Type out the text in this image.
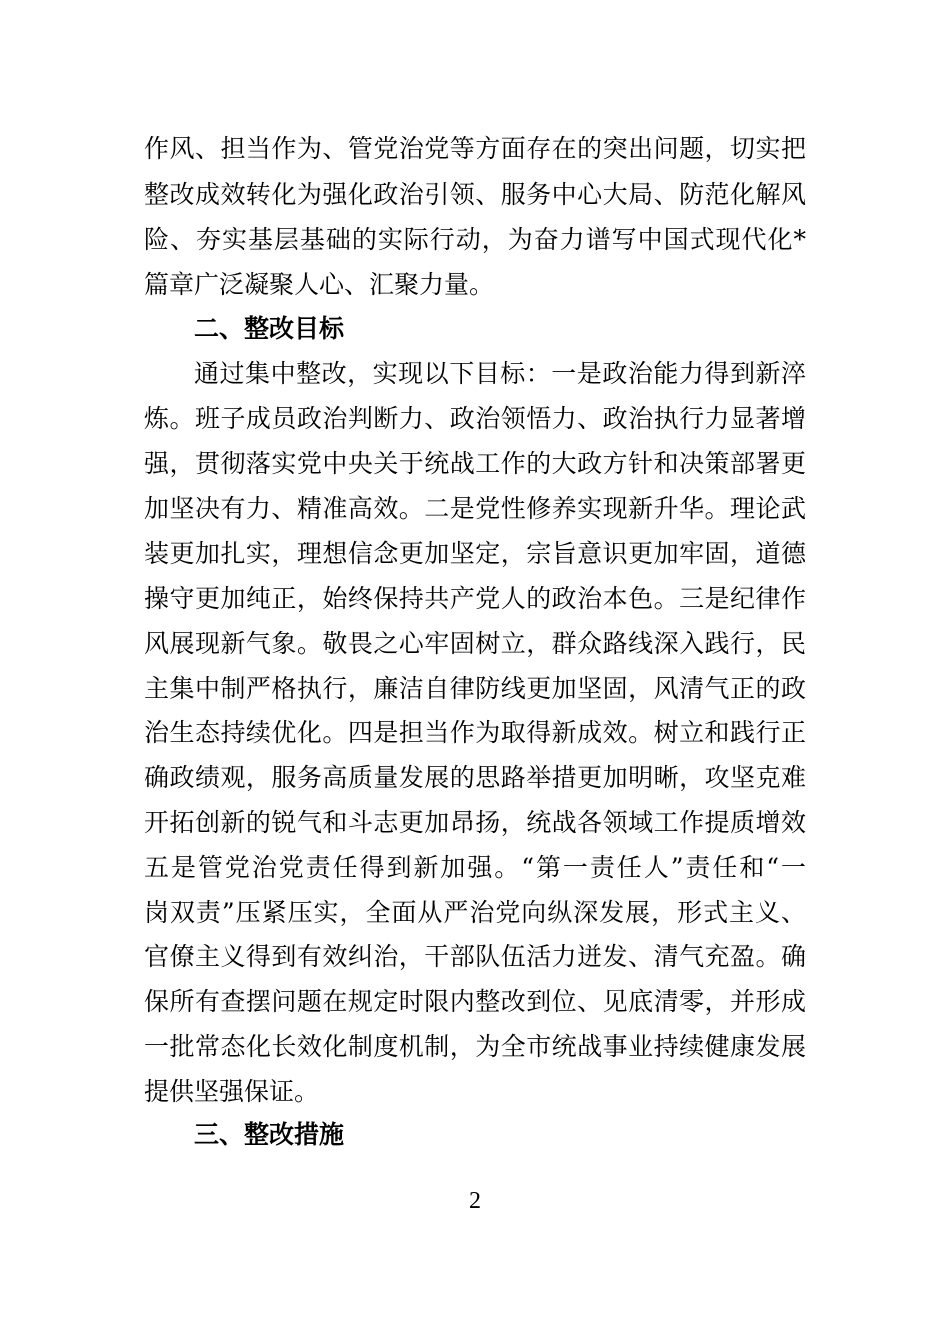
作风、担当作为、管党治党等方面存在的突出问题，切实把
整改成效转化为强化政治引领、服务中心大局、防范化解风
险、夯实基层基础的实际行动，为奋力谱写中国式现代化*
篇章广泛凝聚人心、汇聚力量。
二、整改目标
通过集中整改，实现以下目标：一是政治能力得到新淬
炼。班子成员政治判断力、政治领悟力、政治执行力显著增
强，贯彻落实党中央关于统战工作的大政方针和决策部署更
加坚决有力、精准高效。二是党性修养实现新升华。理论武
装更加扎实，理想信念更加坚定，宗旨意识更加牢固，道德
操守更加纯正，始终保持共产党人的政治本色。三是纪律作
风展现新气象。敬畏之心牢固树立，群众路线深入践行，民
主集中制严格执行，廉洁自律防线更加坚固，风清气正的政
治生态持续优化。四是担当作为取得新成效。树立和践行正
确政绩观，服务高质量发展的思路举措更加明晰，攻坚克难
开拓创新的锐气和斗志更加昂扬，统战各领域工作提质增效
五是管党治党责任得到新加强。“第一责任人”责任和“一
岗双责”压紧压实，全面从严治党向纵深发展，形式主义、
官僚主义得到有效纠治，干部队伍活力迸发、清气充盈。确
保所有查摆问题在规定时限内整改到位、见底清零，并形成
一批常态化长效化制度机制，为全市统战事业持续健康发展
提供坚强保证。
三、整改措施
2
